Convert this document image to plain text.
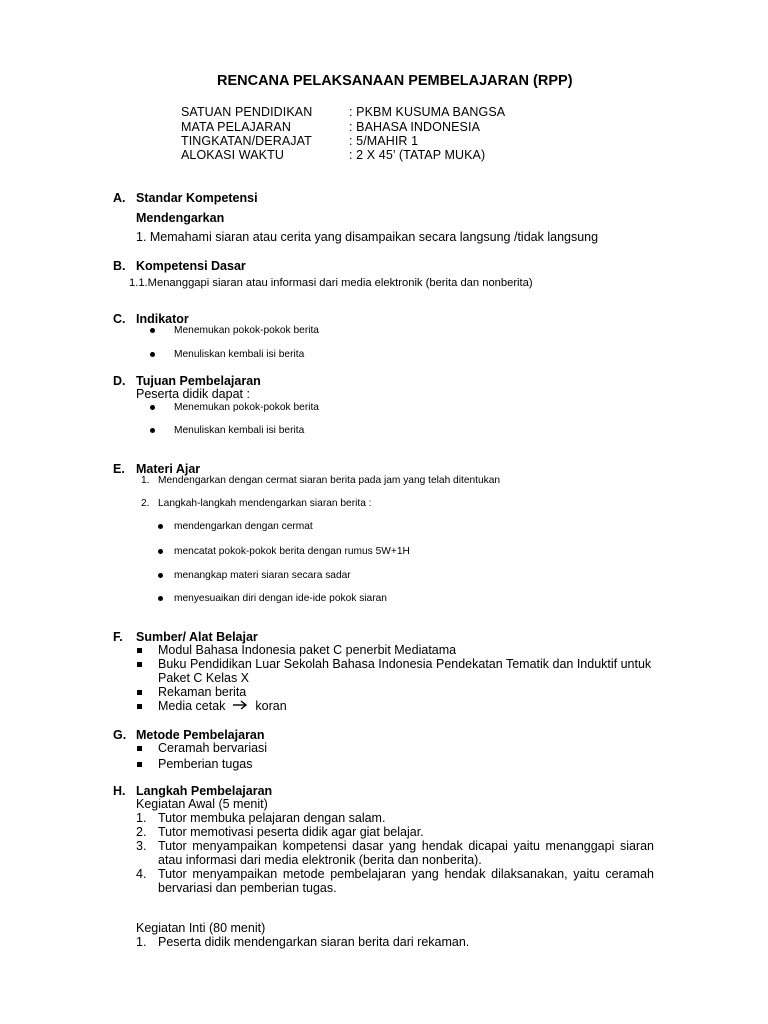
RENCANA PELAKSANAAN PEMBELAJARAN (RPP)
SATUAN PENDIDIKAN	: PKBM KUSUMA BANGSA
MATA PELAJARAN	: BAHASA INDONESIA
TINGKATAN/DERAJAT	: 5/MAHIR 1
ALOKASI WAKTU	: 2 X 45’ (TATAP MUKA)
A. Standar Kompetensi
Mendengarkan
1. Memahami siaran atau cerita yang disampaikan secara langsung /tidak langsung
B. Kompetensi Dasar
1.1.Menanggapi siaran atau informasi dari media elektronik (berita dan nonberita)
C. Indikator
Menemukan pokok-pokok berita
Menuliskan kembali isi berita
D. Tujuan Pembelajaran
Peserta didik dapat :
Menemukan pokok-pokok berita
Menuliskan kembali isi berita
E. Materi Ajar
1. Mendengarkan dengan cermat siaran berita pada jam yang telah ditentukan
2. Langkah-langkah mendengarkan siaran berita :
mendengarkan dengan cermat
mencatat pokok-pokok berita dengan rumus 5W+1H
menangkap materi siaran secara sadar
menyesuaikan diri dengan ide-ide pokok siaran
F. Sumber/ Alat Belajar
Modul Bahasa Indonesia paket C penerbit Mediatama
Buku Pendidikan Luar Sekolah Bahasa Indonesia Pendekatan Tematik dan Induktif untuk
Paket C Kelas X
Rekaman berita
Media cetak koran
G. Metode Pembelajaran
Ceramah bervariasi
Pemberian tugas
H. Langkah Pembelajaran
Kegiatan Awal (5 menit)
1. Tutor membuka pelajaran dengan salam.
2. Tutor memotivasi peserta didik agar giat belajar.
3. Tutor menyampaikan kompetensi dasar yang hendak dicapai yaitu menanggapi siaran
atau informasi dari media elektronik (berita dan nonberita).
4. Tutor menyampaikan metode pembelajaran yang hendak dilaksanakan, yaitu ceramah
bervariasi dan pemberian tugas.
Kegiatan Inti (80 menit)
1. Peserta didik mendengarkan siaran berita dari rekaman.
